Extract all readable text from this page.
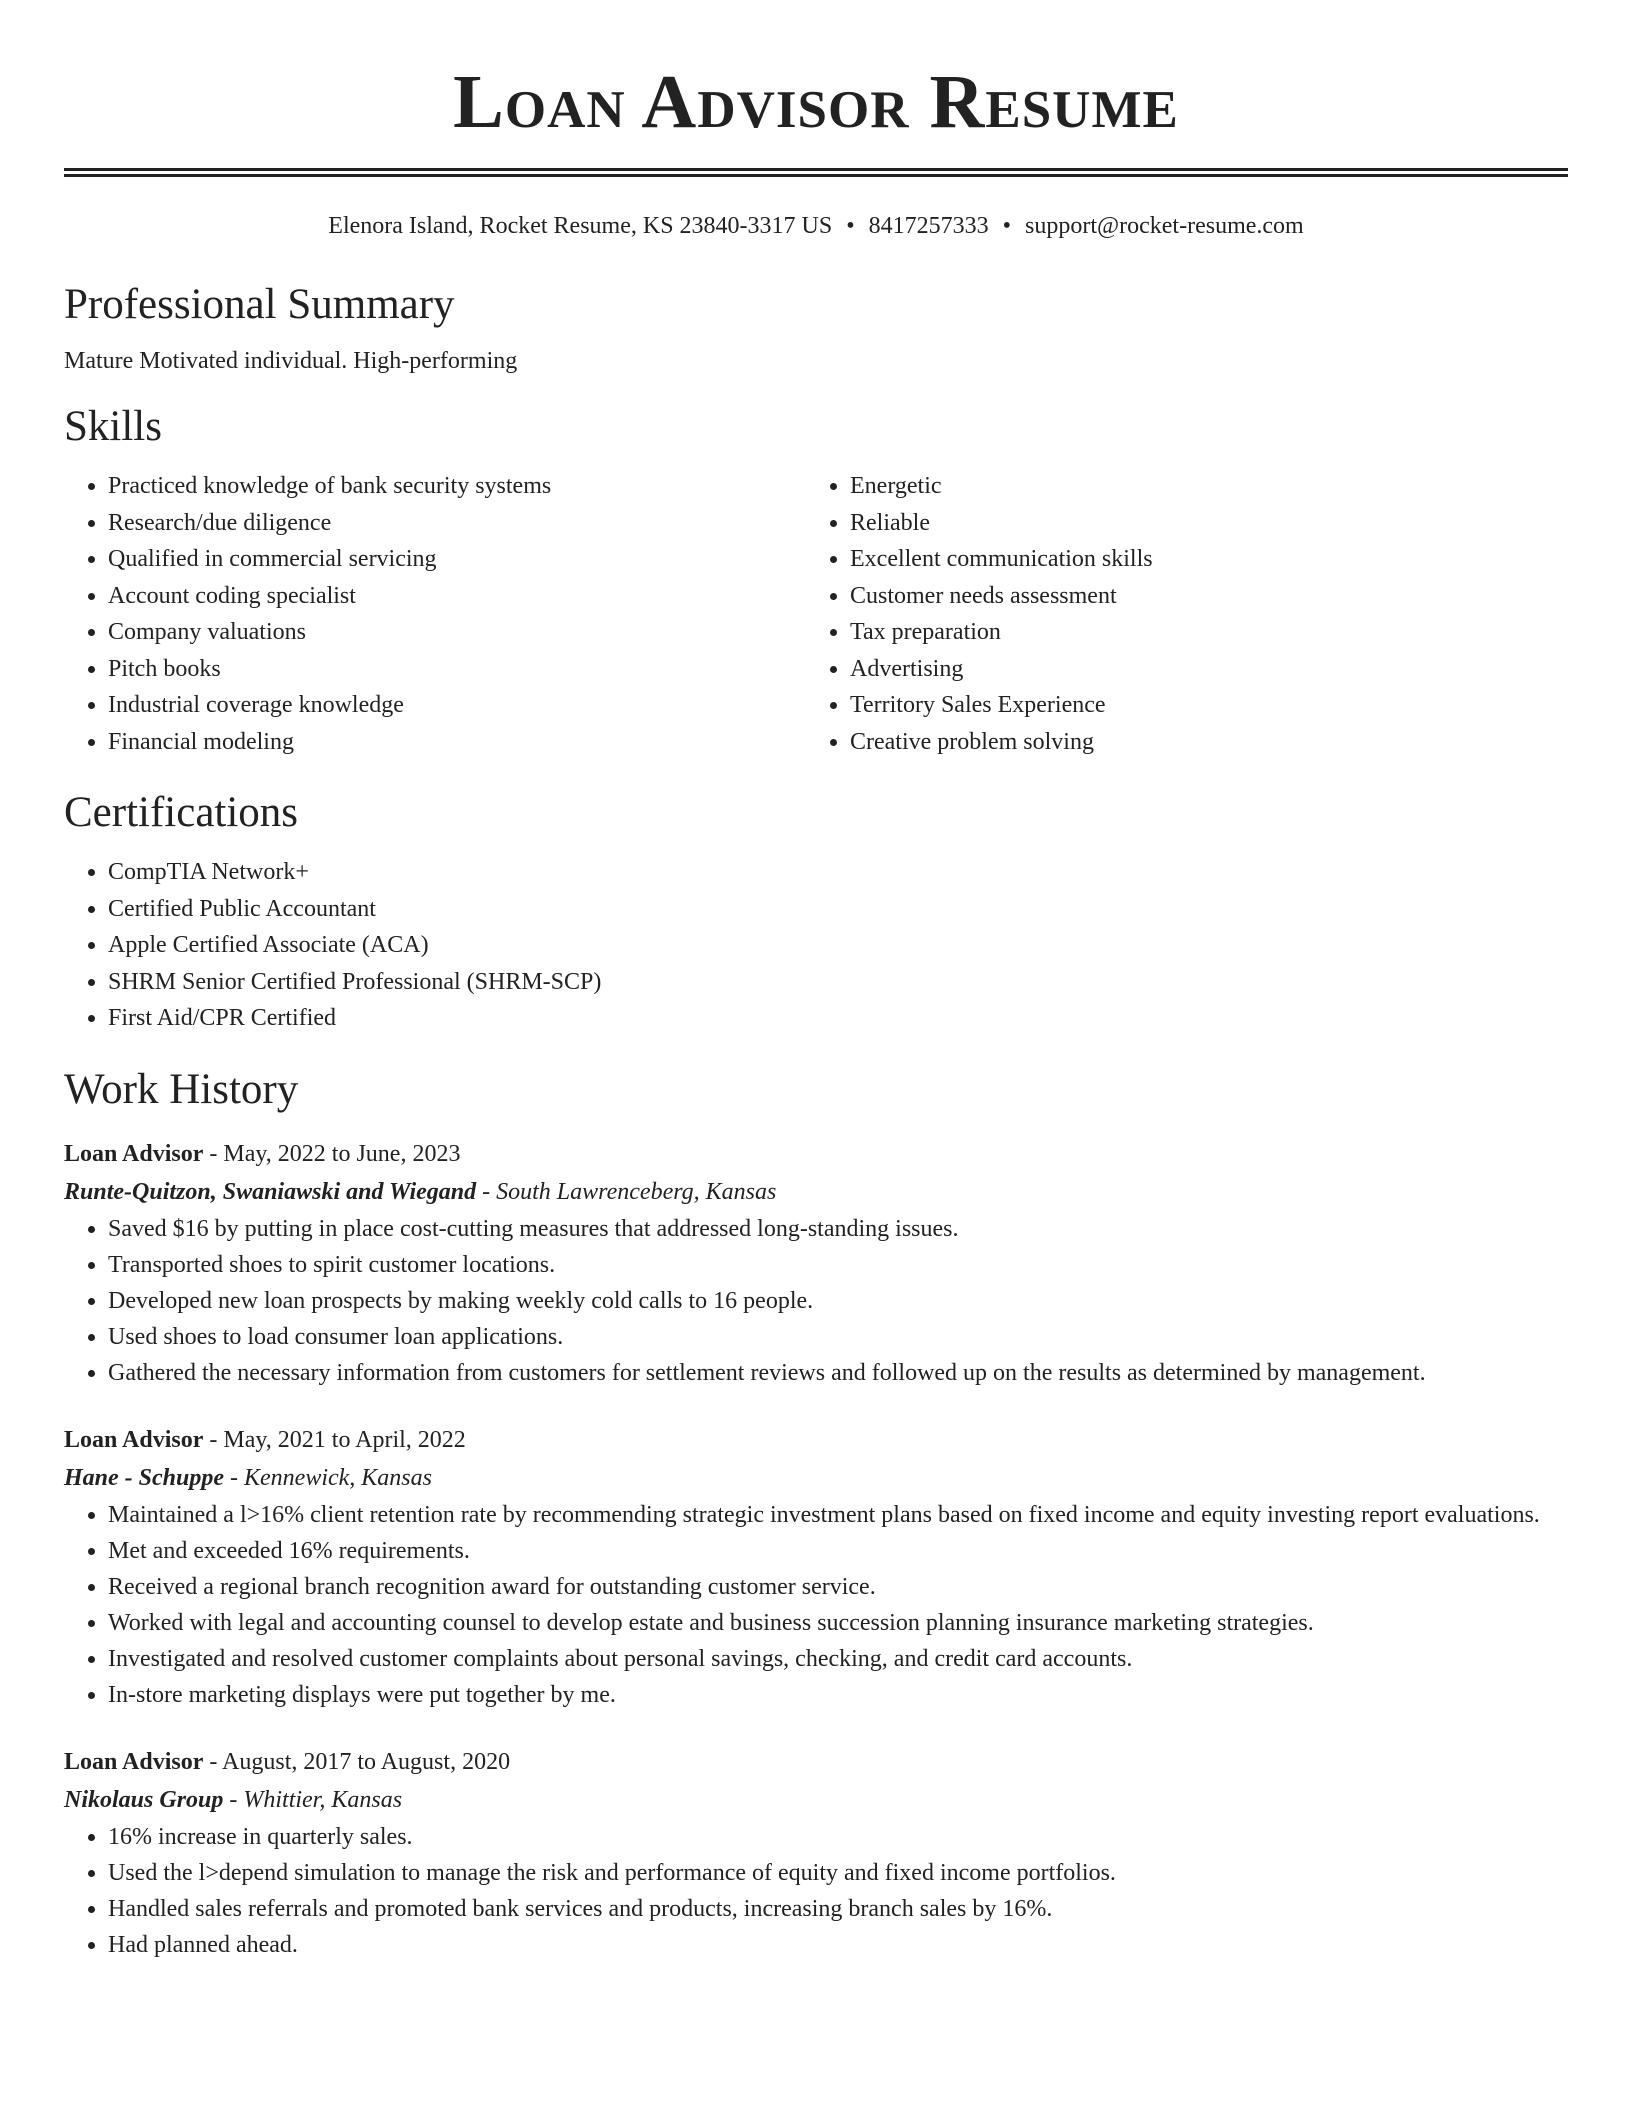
Loan Advisor Resume
Elenora Island, Rocket Resume, KS 23840-3317 US • 8417257333 • support@rocket-resume.com
Professional Summary

Mature Motivated individual. High-performing

Skills
• Practiced knowledge of bank security systems
• Research/due diligence
• Qualified in commercial servicing
• Account coding specialist
• Company valuations
• Pitch books
• Industrial coverage knowledge
• Financial modeling
• Energetic
• Reliable
• Excellent communication skills
• Customer needs assessment
• Tax preparation
• Advertising
• Territory Sales Experience
• Creative problem solving
Certifications
• CompTIA Network+
• Certified Public Accountant
• Apple Certified Associate (ACA)
• SHRM Senior Certified Professional (SHRM-SCP)
• First Aid/CPR Certified
Work History
Loan Advisor - May, 2022 to June, 2023
Runte-Quitzon, Swaniawski and Wiegand - South Lawrenceberg, Kansas
• Saved $16 by putting in place cost-cutting measures that addressed long-standing issues.
• Transported shoes to spirit customer locations.
• Developed new loan prospects by making weekly cold calls to 16 people.
• Used shoes to load consumer loan applications.
• Gathered the necessary information from customers for settlement reviews and followed up on the results as determined by management.
Loan Advisor - May, 2021 to April, 2022
Hane - Schuppe - Kennewick, Kansas
• Maintained a l>16% client retention rate by recommending strategic investment plans based on fixed income and equity investing report evaluations.
• Met and exceeded 16% requirements.
• Received a regional branch recognition award for outstanding customer service.
• Worked with legal and accounting counsel to develop estate and business succession planning insurance marketing strategies.
• Investigated and resolved customer complaints about personal savings, checking, and credit card accounts.
• In-store marketing displays were put together by me.
Loan Advisor - August, 2017 to August, 2020
Nikolaus Group - Whittier, Kansas
• 16% increase in quarterly sales.
• Used the l>depend simulation to manage the risk and performance of equity and fixed income portfolios.
• Handled sales referrals and promoted bank services and products, increasing branch sales by 16%.
• Had planned ahead.
